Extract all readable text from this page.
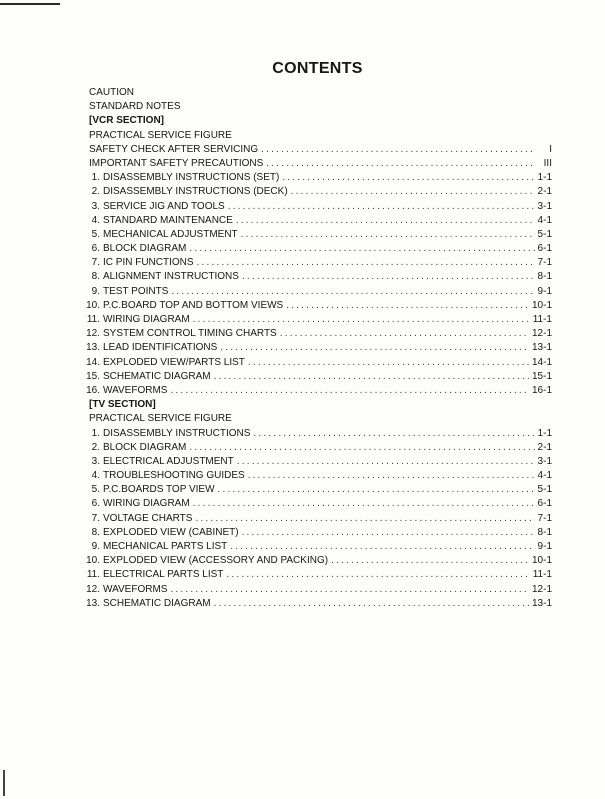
CONTENTS
CAUTION
STANDARD NOTES
[VCR SECTION]
PRACTICAL SERVICE FIGURE
SAFETY CHECK AFTER SERVICING .....	I
IMPORTANT SAFETY PRECAUTIONS .....	III
1. DISASSEMBLY INSTRUCTIONS (SET) .....	1-1
2. DISASSEMBLY INSTRUCTIONS (DECK) .....	2-1
3. SERVICE JIG AND TOOLS .....	3-1
4. STANDARD MAINTENANCE .....	4-1
5. MECHANICAL ADJUSTMENT .....	5-1
6. BLOCK DIAGRAM .....	6-1
7. IC PIN FUNCTIONS .....	7-1
8. ALIGNMENT INSTRUCTIONS .....	8-1
9. TEST POINTS .....	9-1
10. P.C.BOARD TOP AND BOTTOM VIEWS .....	10-1
11. WIRING DIAGRAM .....	11-1
12. SYSTEM CONTROL TIMING CHARTS .....	12-1
13. LEAD IDENTIFICATIONS .....	13-1
14. EXPLODED VIEW/PARTS LIST .....	14-1
15. SCHEMATIC DIAGRAM .....	15-1
16. WAVEFORMS .....	16-1
[TV SECTION]
PRACTICAL SERVICE FIGURE
1. DISASSEMBLY INSTRUCTIONS .....	1-1
2. BLOCK DIAGRAM .....	2-1
3. ELECTRICAL ADJUSTMENT .....	3-1
4. TROUBLESHOOTING GUIDES .....	4-1
5. P.C.BOARDS TOP VIEW .....	5-1
6. WIRING DIAGRAM .....	6-1
7. VOLTAGE CHARTS .....	7-1
8. EXPLODED VIEW (CABINET) .....	8-1
9. MECHANICAL PARTS LIST .....	9-1
10. EXPLODED VIEW (ACCESSORY AND PACKING) .....	10-1
11. ELECTRICAL PARTS LIST .....	11-1
12. WAVEFORMS .....	12-1
13. SCHEMATIC DIAGRAM .....	13-1
